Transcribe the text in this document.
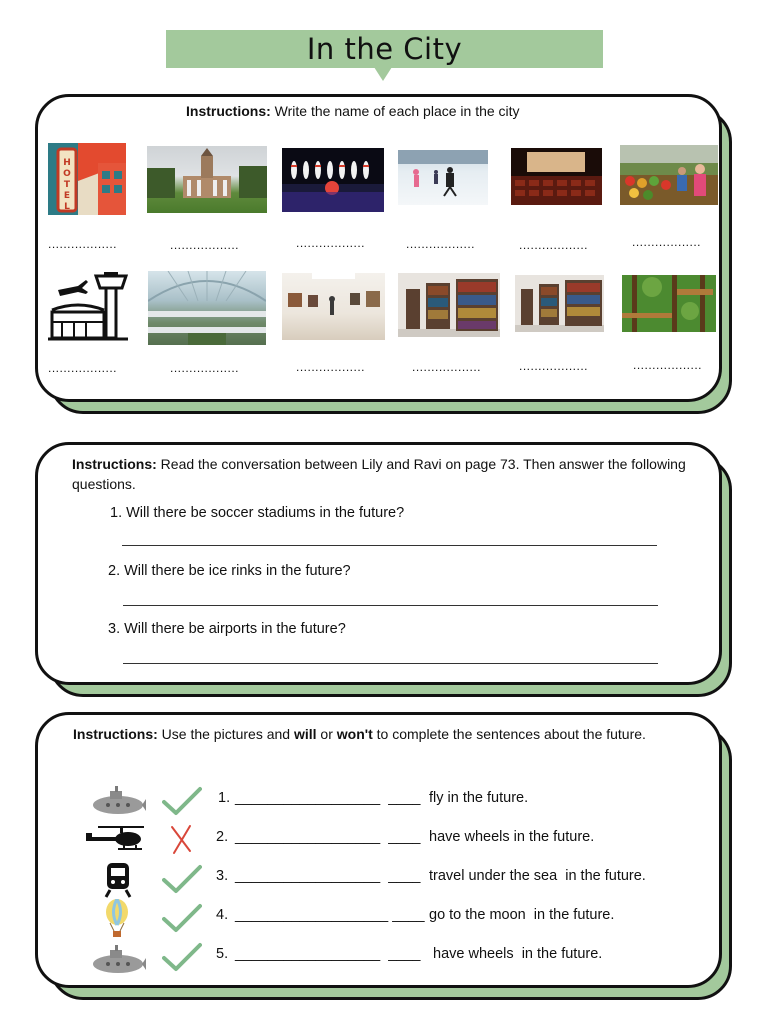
In the City
Instructions: Write the name of each place in the city
H
O
T
E
L
..................	..................	..................	..................	..................	..................
..................	..................	..................	..................	..................	..................
Instructions: Read the conversation between Lily and Ravi on page 73. Then answer the following questions.
1. Will there be soccer stadiums in the future?
2. Will there be ice rinks in the future?
3. Will there be airports in the future?
Instructions: Use the pictures and will or won't to complete the sentences about the future.
1. __________________  ____ fly in the future.
2. __________________  ____ have wheels in the future.
3. __________________  ____ travel under the sea  in the future.
4. ___________________ ____ go to the moon  in the future.
5. __________________  ____ have wheels  in the future.
